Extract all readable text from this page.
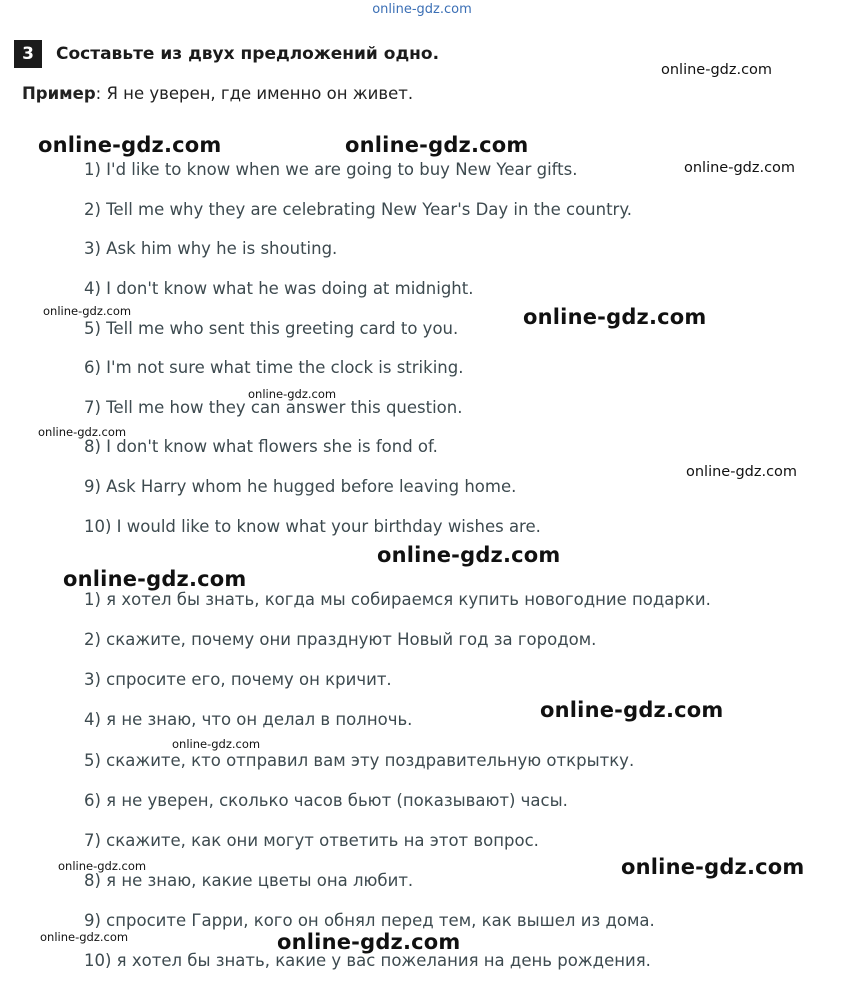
online-gdz.com
3	Составьте из двух предложений одно.
Пример: Я не уверен, где именно он живет.
1) I'd like to know when we are going to buy New Year gifts.
2) Tell me why they are celebrating New Year's Day in the country.
3) Ask him why he is shouting.
4) I don't know what he was doing at midnight.
5) Tell me who sent this greeting card to you.
6) I'm not sure what time the clock is striking.
7) Tell me how they can answer this question.
8) I don't know what flowers she is fond of.
9) Ask Harry whom he hugged before leaving home.
10) I would like to know what your birthday wishes are.
1) я хотел бы знать, когда мы собираемся купить новогодние подарки.
2) скажите, почему они празднуют Новый год за городом.
3) спросите его, почему он кричит.
4) я не знаю, что он делал в полночь.
5) скажите, кто отправил вам эту поздравительную открытку.
6) я не уверен, сколько часов бьют (показывают) часы.
7) скажите, как они могут ответить на этот вопрос.
8) я не знаю, какие цветы она любит.
9) спросите Гарри, кого он обнял перед тем, как вышел из дома.
10) я хотел бы знать, какие у вас пожелания на день рождения.
online-gdz.com
online-gdz.com	online-gdz.com
online-gdz.com
online-gdz.com	online-gdz.com
online-gdz.com
online-gdz.com
online-gdz.com
online-gdz.com
online-gdz.com
online-gdz.com
online-gdz.com
online-gdz.com	online-gdz.com
online-gdz.com	online-gdz.com
